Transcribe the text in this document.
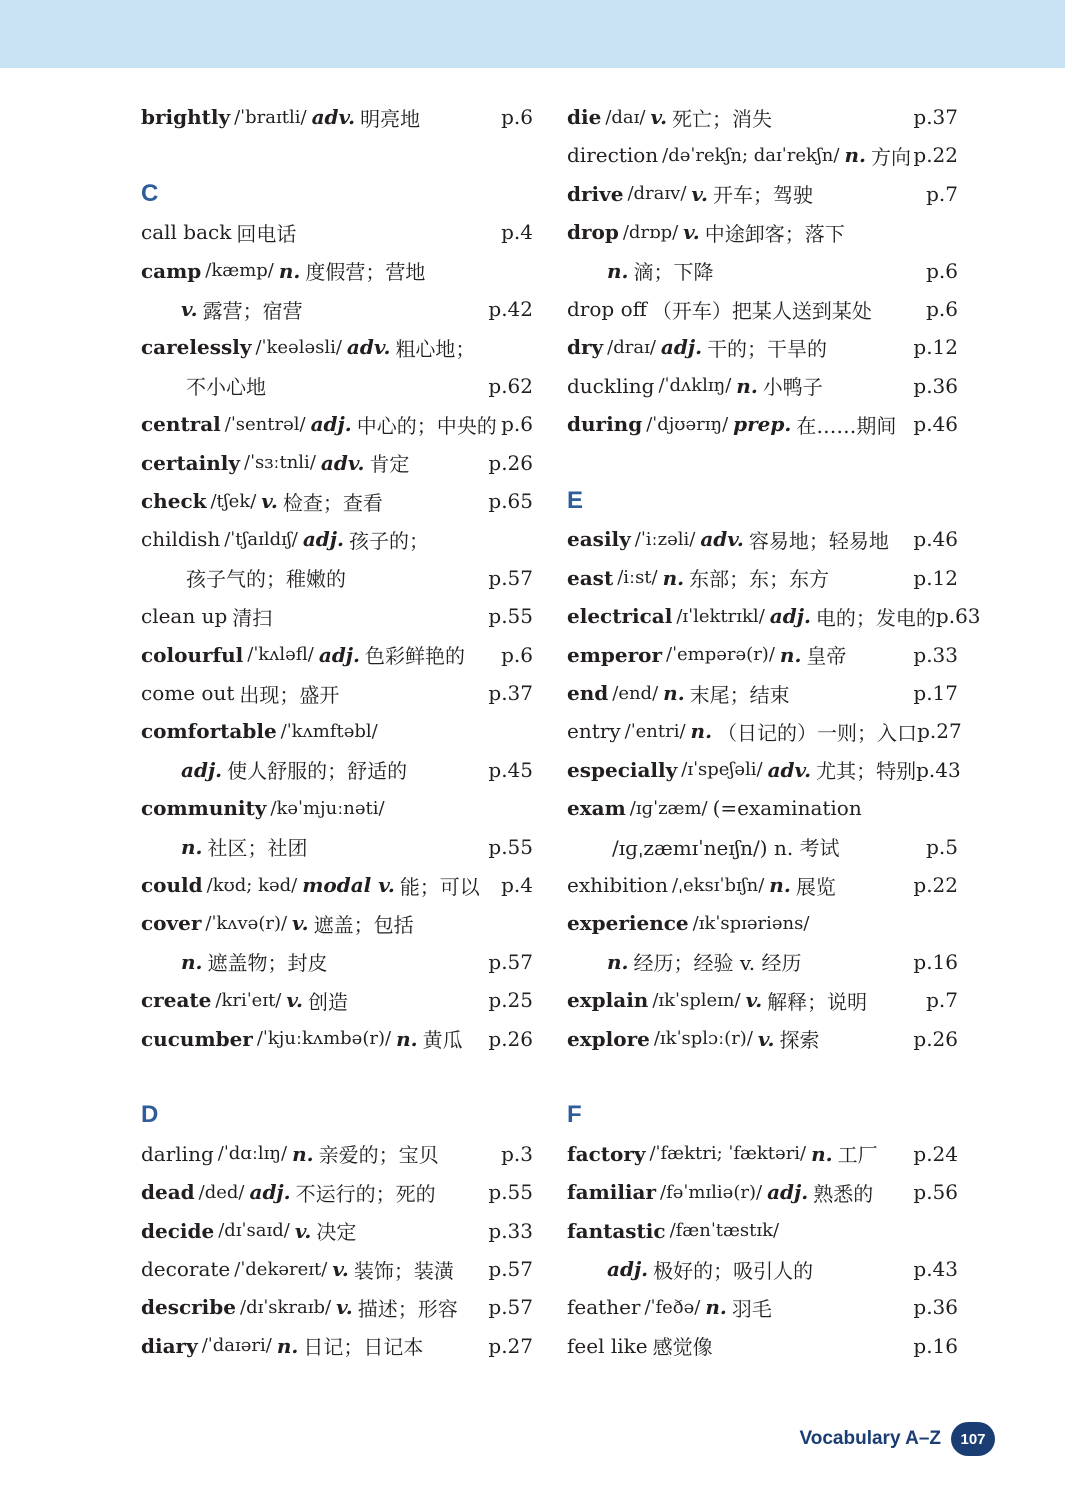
brightly /ˈbraɪtli/ adv. 明亮地	p.6
C
call back 回电话	p.4
camp /kæmp/ n. 度假营；营地
v. 露营；宿营	p.42
carelessly /ˈkeələsli/ adv. 粗心地；
不小心地	p.62
central /ˈsentrəl/ adj. 中心的；中央的 p.6
certainly /ˈsɜːtnli/ adv. 肯定	p.26
check /tʃek/ v. 检查；查看	p.65
childish /ˈtʃaɪldɪʃ/ adj. 孩子的；
孩子气的；稚嫩的	p.57
clean up 清扫	p.55
colourful /ˈkʌləfl/ adj. 色彩鲜艳的 p.6
come out 出现；盛开	p.37
comfortable /ˈkʌmftəbl/
adj. 使人舒服的；舒适的	p.45
community /kəˈmjuːnəti/
n. 社区；社团	p.55
could /kʊd; kəd/ modal v. 能；可以 p.4
cover /ˈkʌvə(r)/ v. 遮盖；包括
n. 遮盖物；封皮	p.57
create /kriˈeɪt/ v. 创造	p.25
cucumber /ˈkjuːkʌmbə(r)/ n. 黄瓜 p.26
D
darling /ˈdɑːlɪŋ/ n. 亲爱的；宝贝	p.3
dead /ded/ adj. 不运行的；死的	p.55
decide /dɪˈsaɪd/ v. 决定	p.33
decorate /ˈdekəreɪt/ v. 装饰；装潢 p.57
describe /dɪˈskraɪb/ v. 描述；形容 p.57
diary /ˈdaɪəri/ n. 日记；日记本	p.27
die /daɪ/ v. 死亡；消失	p.37
direction /dəˈrekʃn; daɪˈrekʃn/ n. 方向 p.22
drive /draɪv/ v. 开车；驾驶	p.7
drop /drɒp/ v. 中途卸客；落下
n. 滴；下降	p.6
drop off （开车）把某人送到某处	p.6
dry /draɪ/ adj. 干的；干旱的	p.12
duckling /ˈdʌklɪŋ/ n. 小鸭子	p.36
during /ˈdjʊərɪŋ/ prep. 在……期间 p.46
E
easily /ˈiːzəli/ adv. 容易地；轻易地 p.46
east /iːst/ n. 东部；东；东方	p.12
electrical /ɪˈlektrɪkl/ adj. 电的；发电的 p.63
emperor /ˈempərə(r)/ n. 皇帝	p.33
end /end/ n. 末尾；结束	p.17
entry /ˈentri/ n. （日记的）一则；入口 p.27
especially /ɪˈspeʃəli/ adv. 尤其；特别 p.43
exam /ɪɡˈzæm/ (=examination
/ɪɡˌzæmɪˈneɪʃn/) n. 考试	p.5
exhibition /ˌeksɪˈbɪʃn/ n. 展览	p.22
experience /ɪkˈspɪəriəns/
n. 经历；经验 v. 经历	p.16
explain /ɪkˈspleɪn/ v. 解释；说明	p.7
explore /ɪkˈsplɔː(r)/ v. 探索	p.26
F
factory /ˈfæktri; ˈfæktəri/ n. 工厂 p.24
familiar /fəˈmɪliə(r)/ adj. 熟悉的 p.56
fantastic /fænˈtæstɪk/
adj. 极好的；吸引人的	p.43
feather /ˈfeðə/ n. 羽毛	p.36
feel like 感觉像	p.16
Vocabulary A–Z	107
